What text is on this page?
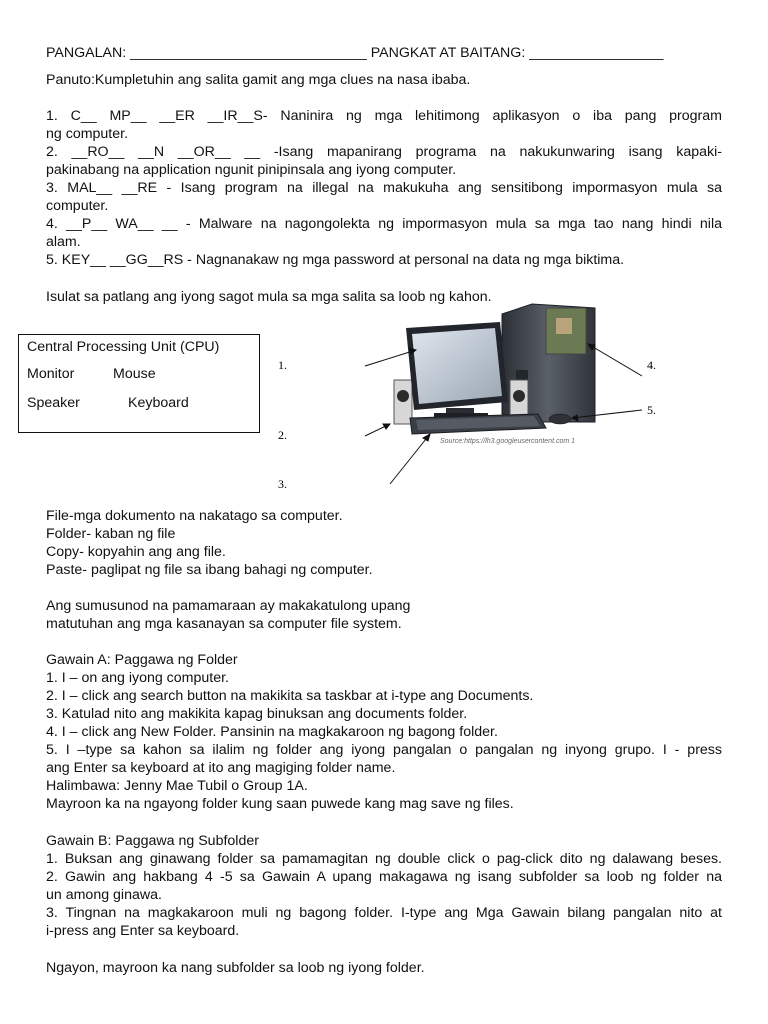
PANGALAN: ______________________________ PANGKAT AT BAITANG: _________________
Panuto:Kumpletuhin ang salita gamit ang mga clues na nasa ibaba.
1. C__ MP__ __ER __IR__S- Naninira ng mga lehitimong aplikasyon o iba pang program
ng computer.
2. __RO__ __N __OR__ __ -Isang mapanirang programa na nakukunwaring isang kapaki-
pakinabang na application ngunit pinipinsala ang iyong computer.
3. MAL__ __RE - Isang program na illegal na makukuha ang sensitibong impormasyon mula sa
computer.
4. __P__ WA__ __ - Malware na nagongolekta ng impormasyon mula sa mga tao nang hindi nila
alam.
5. KEY__ __GG__RS - Nagnanakaw ng mga password at personal na data ng mga biktima.
Isulat sa patlang ang iyong sagot mula sa mga salita sa loob ng kahon.
File-mga dokumento na nakatago sa computer.
Folder- kaban ng file
Copy- kopyahin ang ang file.
Paste- paglipat ng file sa ibang bahagi ng computer.
Ang sumusunod na pamamaraan ay makakatulong upang
matutuhan ang mga kasanayan sa computer file system.
Gawain A: Paggawa ng Folder
1. I – on ang iyong computer.
2. I – click ang search button na makikita sa taskbar at i-type ang Documents.
3. Katulad nito ang makikita kapag binuksan ang documents folder.
4. I – click ang New Folder. Pansinin na magkakaroon ng bagong folder.
5. I –type sa kahon sa ilalim ng folder ang iyong pangalan o pangalan ng inyong grupo. I - press
ang Enter sa keyboard at ito ang magiging folder name.
Halimbawa: Jenny Mae Tubil o Group 1A.
Mayroon ka na ngayong folder kung saan puwede kang mag save ng files.
Gawain B: Paggawa ng Subfolder
1. Buksan ang ginawang folder sa pamamagitan ng double click o pag-click dito ng dalawang beses.
2. Gawin ang hakbang 4 -5 sa Gawain A upang makagawa ng isang subfolder sa loob ng folder na
un among ginawa.
3. Tingnan na magkakaroon muli ng bagong folder. I-type ang Mga Gawain bilang pangalan nito at
i-press ang Enter sa keyboard.
Ngayon, mayroon ka nang subfolder sa loob ng iyong folder.
Central Processing Unit (CPU)
Monitor	Mouse
Speaker	Keyboard
1.
2.
3.
4.
5.
Source:https://lh3.googleusercontent.com 1
